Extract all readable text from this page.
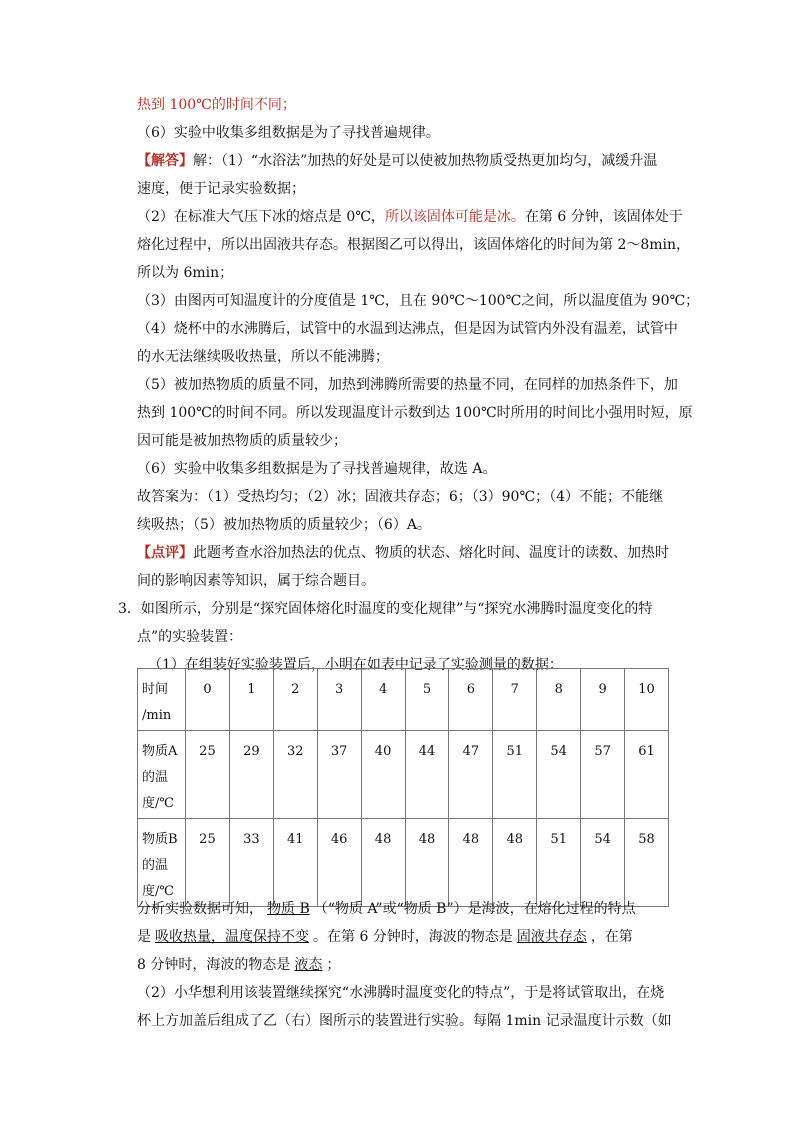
热到 100℃的时间不同；
（6）实验中收集多组数据是为了寻找普遍规律。
【解答】解：（1）“水浴法”加热的好处是可以使被加热物质受热更加均匀，减缓升温
速度，便于记录实验数据；
（2）在标准大气压下冰的熔点是 0℃，所以该固体可能是冰。在第 6 分钟，该固体处于
熔化过程中，所以出固液共存态。根据图乙可以得出，该固体熔化的时间为第 2～8min，
所以为 6min；
（3）由图丙可知温度计的分度值是 1℃，且在 90℃～100℃之间，所以温度值为 90℃；
（4）烧杯中的水沸腾后，试管中的水温到达沸点，但是因为试管内外没有温差，试管中
的水无法继续吸收热量，所以不能沸腾；
（5）被加热物质的质量不同，加热到沸腾所需要的热量不同，在同样的加热条件下，加
热到 100℃的时间不同。所以发现温度计示数到达 100℃时所用的时间比小强用时短，原
因可能是被加热物质的质量较少；
（6）实验中收集多组数据是为了寻找普遍规律，故选 A。
故答案为：（1）受热均匀；（2）冰；固液共存态；6；（3）90℃；（4）不能；不能继
续吸热；（5）被加热物质的质量较少；（6）A。
【点评】此题考查水浴加热法的优点、物质的状态、熔化时间、温度计的读数、加热时
间的影响因素等知识，属于综合题目。
3．如图所示，分别是“探究固体熔化时温度的变化规律”与“探究水沸腾时温度变化的特
点”的实验装置：
（1）在组装好实验装置后，小明在如表中记录了实验测量的数据：
时间
/min	0	1	2	3	4	5	6	7	8	9	10

物质A
的温
度/℃	25	29	32	37	40	44	47	51	54	57	61

物质B
的温
度/℃	25	33	41	46	48	48	48	48	51	54	58
分析实验数据可知， 物质 B （“物质 A”或“物质 B”）是海波，在熔化过程的特点
是 吸收热量，温度保持不变 。在第 6 分钟时，海波的物态是 固液共存态 ，在第
8 分钟时，海波的物态是 液态 ；
（2）小华想利用该装置继续探究“水沸腾时温度变化的特点”，于是将试管取出，在烧
杯上方加盖后组成了乙（右）图所示的装置进行实验。每隔 1min 记录温度计示数（如
